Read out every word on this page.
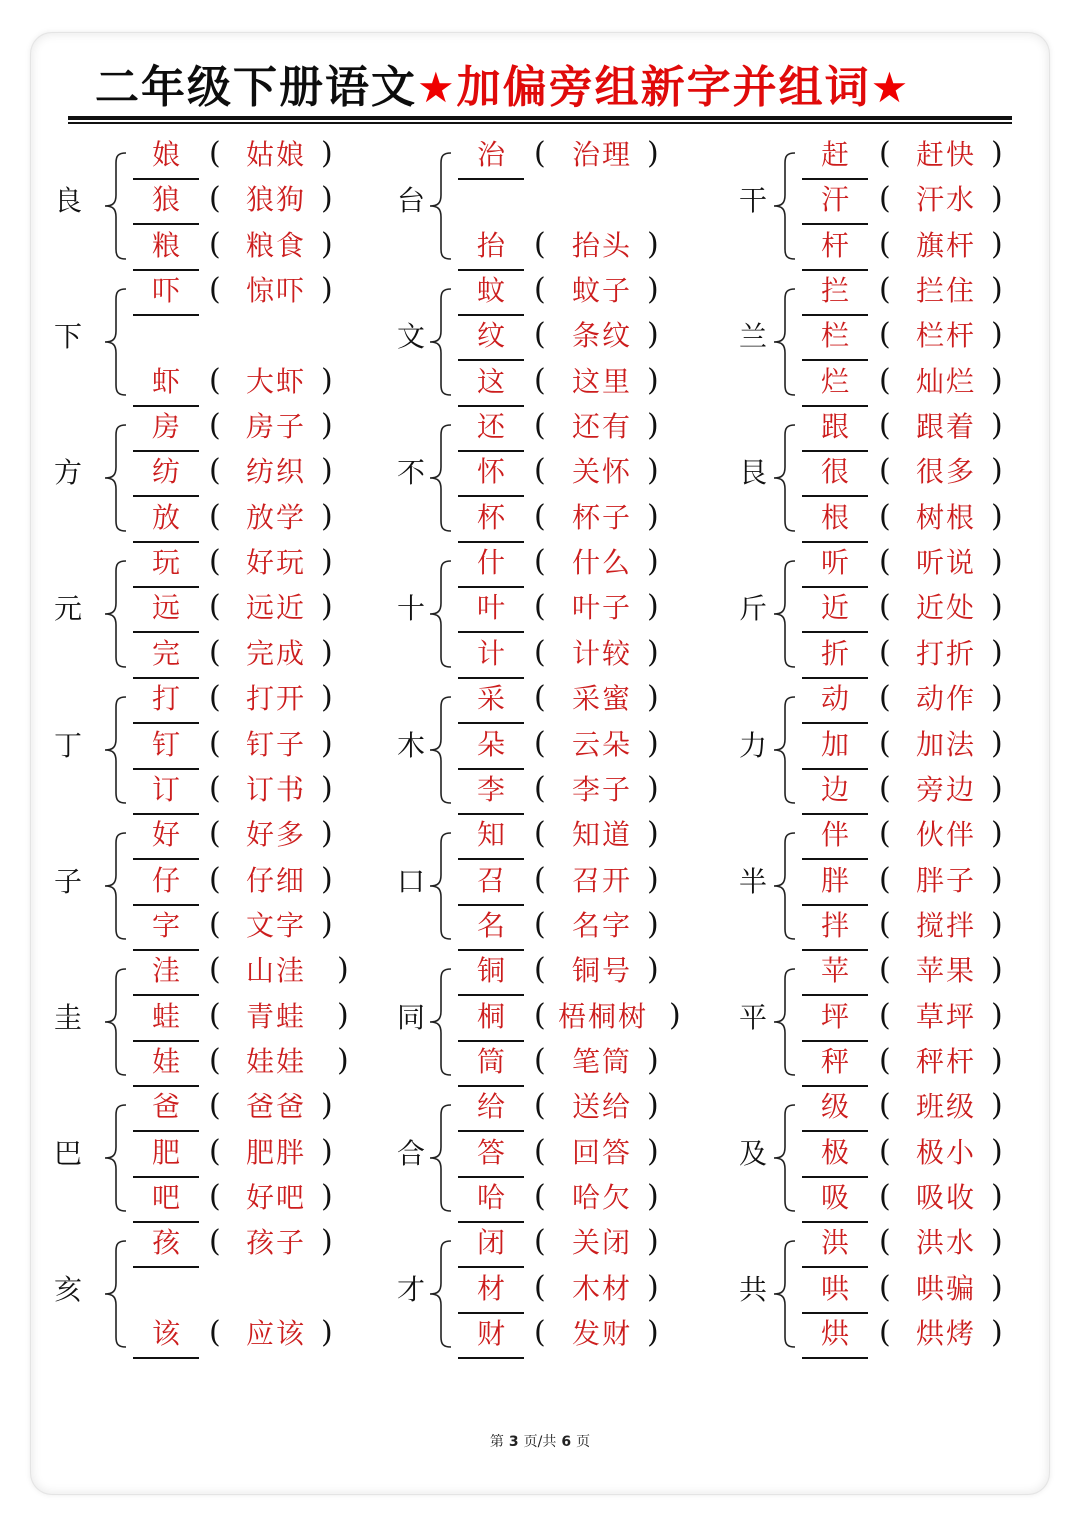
二年级下册语文★加偏旁组新字并组词★
良
娘 ( 姑娘 )
狼 ( 狼狗 )
粮 ( 粮食 )
下
吓 ( 惊吓 )
虾 ( 大虾 )
方
房 ( 房子 )
纺 ( 纺织 )
放 ( 放学 )
元
玩 ( 好玩 )
远 ( 远近 )
完 ( 完成 )
丁
打 ( 打开 )
钉 ( 钉子 )
订 ( 订书 )
子
好 ( 好多 )
仔 ( 仔细 )
字 ( 文字 )
圭
洼 ( 山洼 )
蛙 ( 青蛙 )
娃 ( 娃娃 )
巴
爸 ( 爸爸 )
肥 ( 肥胖 )
吧 ( 好吧 )
亥
孩 ( 孩子 )
该 ( 应该 )
台
治 ( 治理 )
抬 ( 抬头 )
文
蚊 ( 蚊子 )
纹 ( 条纹 )
这 ( 这里 )
不
还 ( 还有 )
怀 ( 关怀 )
杯 ( 杯子 )
十
什 ( 什么 )
叶 ( 叶子 )
计 ( 计较 )
木
采 ( 采蜜 )
朵 ( 云朵 )
李 ( 李子 )
口
知 ( 知道 )
召 ( 召开 )
名 ( 名字 )
同
铜 ( 铜号 )
桐 ( 梧桐树 )
筒 ( 笔筒 )
合
给 ( 送给 )
答 ( 回答 )
哈 ( 哈欠 )
才
闭 ( 关闭 )
材 ( 木材 )
财 ( 发财 )
干
赶	( 赶快 )
汗	( 汗水 )
杆	( 旗杆 )
兰
拦	( 拦住 )
栏	( 栏杆 )
烂	( 灿烂 )
艮
跟	( 跟着 )
很	( 很多 )
根	( 树根 )
斤
听	( 听说 )
近	( 近处 )
折	( 打折 )
力
动	( 动作 )
加	( 加法 )
边	( 旁边 )
半
伴	( 伙伴 )
胖	( 胖子 )
拌	( 搅拌 )
平
苹	( 苹果 )
坪	( 草坪 )
秤	( 秤杆 )
及
级	( 班级 )
极	( 极小 )
吸	( 吸收 )
共
洪	( 洪水 )
哄	( 哄骗 )
烘	( 烘烤 )
第 3 页/共 6 页
